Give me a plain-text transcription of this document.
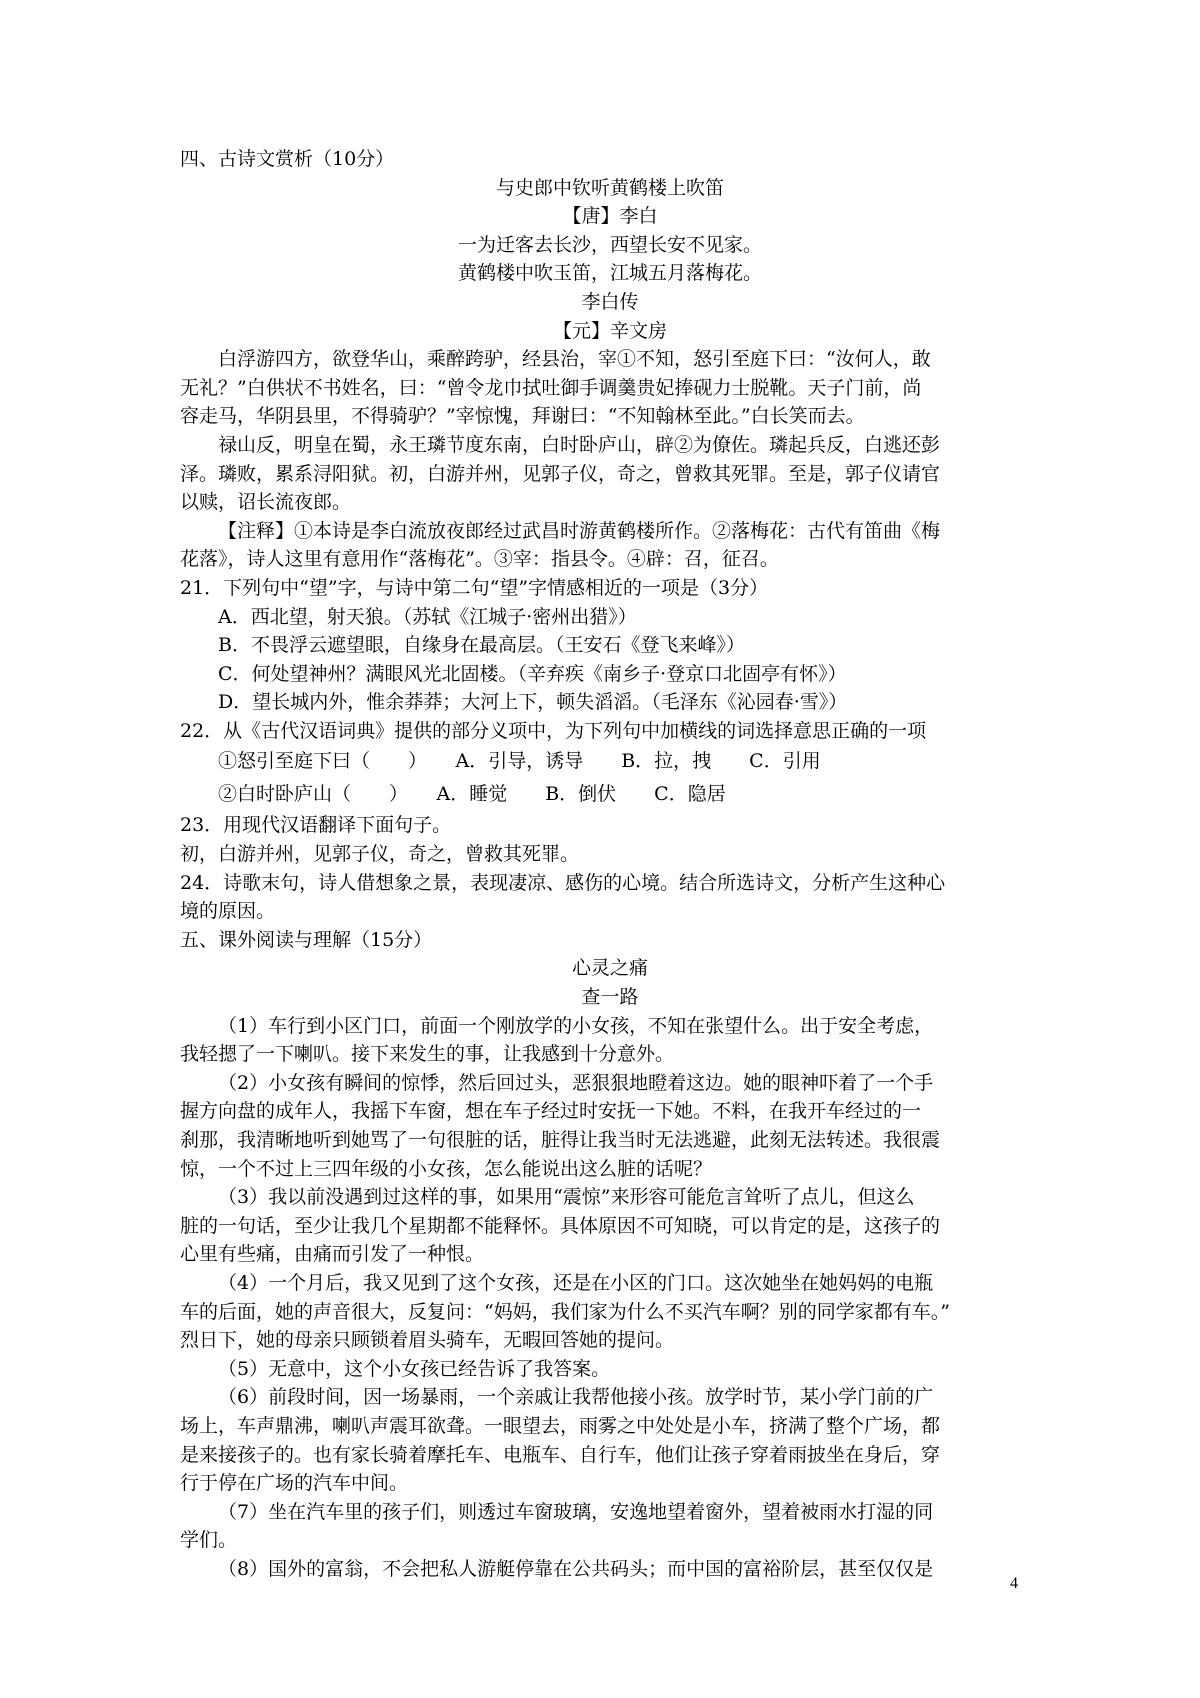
四、古诗文赏析（10分）
与史郎中钦听黄鹤楼上吹笛
【唐】李白
一为迁客去长沙，西望长安不见家。
黄鹤楼中吹玉笛，江城五月落梅花。
李白传
【元】辛文房
白浮游四方，欲登华山，乘醉跨驴，经县治，宰①不知，怒引至庭下曰：“汝何人，敢
无礼？”白供状不书姓名，曰：“曾令龙巾拭吐御手调羹贵妃捧砚力士脱靴。天子门前，尚
容走马，华阴县里，不得骑驴？”宰惊愧，拜谢曰：“不知翰林至此。”白长笑而去。
禄山反，明皇在蜀，永王璘节度东南，白时卧庐山，辟②为僚佐。璘起兵反，白逃还彭
泽。璘败，累系浔阳狱。初，白游并州，见郭子仪，奇之，曾救其死罪。至是，郭子仪请官
以赎，诏长流夜郎。
【注释】①本诗是李白流放夜郎经过武昌时游黄鹤楼所作。②落梅花：古代有笛曲《梅
花落》，诗人这里有意用作“落梅花”。③宰：指县令。④辟：召，征召。
21．下列句中“望”字，与诗中第二句“望”字情感相近的一项是（3分）
A．西北望，射天狼。（苏轼《江城子·密州出猎》）
B．不畏浮云遮望眼，自缘身在最高层。（王安石《登飞来峰》）
C．何处望神州？满眼风光北固楼。（辛弃疾《南乡子·登京口北固亭有怀》）
D．望长城内外，惟余莽莽；大河上下，顿失滔滔。（毛泽东《沁园春·雪》）
22．从《古代汉语词典》提供的部分义项中，为下列句中加横线的词选择意思正确的一项
①怒引至庭下曰（　　）　　A．引导，诱导　　B．拉，拽　　C．引用
②白时卧庐山（　　）　　A．睡觉　　B．倒伏　　C．隐居
23．用现代汉语翻译下面句子。
初，白游并州，见郭子仪，奇之，曾救其死罪。
24．诗歌末句，诗人借想象之景，表现凄凉、感伤的心境。结合所选诗文，分析产生这种心
境的原因。
五、课外阅读与理解（15分）
心灵之痛
查一路
（1）车行到小区门口，前面一个刚放学的小女孩，不知在张望什么。出于安全考虑，
我轻摁了一下喇叭。接下来发生的事，让我感到十分意外。
（2）小女孩有瞬间的惊悸，然后回过头，恶狠狠地瞪着这边。她的眼神吓着了一个手
握方向盘的成年人，我摇下车窗，想在车子经过时安抚一下她。不料，在我开车经过的一
刹那，我清晰地听到她骂了一句很脏的话，脏得让我当时无法逃避，此刻无法转述。我很震
惊，一个不过上三四年级的小女孩，怎么能说出这么脏的话呢？
（3）我以前没遇到过这样的事，如果用“震惊”来形容可能危言耸听了点儿，但这么
脏的一句话，至少让我几个星期都不能释怀。具体原因不可知晓，可以肯定的是，这孩子的
心里有些痛，由痛而引发了一种恨。
（4）一个月后，我又见到了这个女孩，还是在小区的门口。这次她坐在她妈妈的电瓶
车的后面，她的声音很大，反复问：“妈妈，我们家为什么不买汽车啊？别的同学家都有车。”
烈日下，她的母亲只顾锁着眉头骑车，无暇回答她的提问。
（5）无意中，这个小女孩已经告诉了我答案。
（6）前段时间，因一场暴雨，一个亲戚让我帮他接小孩。放学时节，某小学门前的广
场上，车声鼎沸，喇叭声震耳欲聋。一眼望去，雨雾之中处处是小车，挤满了整个广场，都
是来接孩子的。也有家长骑着摩托车、电瓶车、自行车，他们让孩子穿着雨披坐在身后，穿
行于停在广场的汽车中间。
（7）坐在汽车里的孩子们，则透过车窗玻璃，安逸地望着窗外，望着被雨水打湿的同
学们。
（8）国外的富翁，不会把私人游艇停靠在公共码头；而中国的富裕阶层，甚至仅仅是
4
